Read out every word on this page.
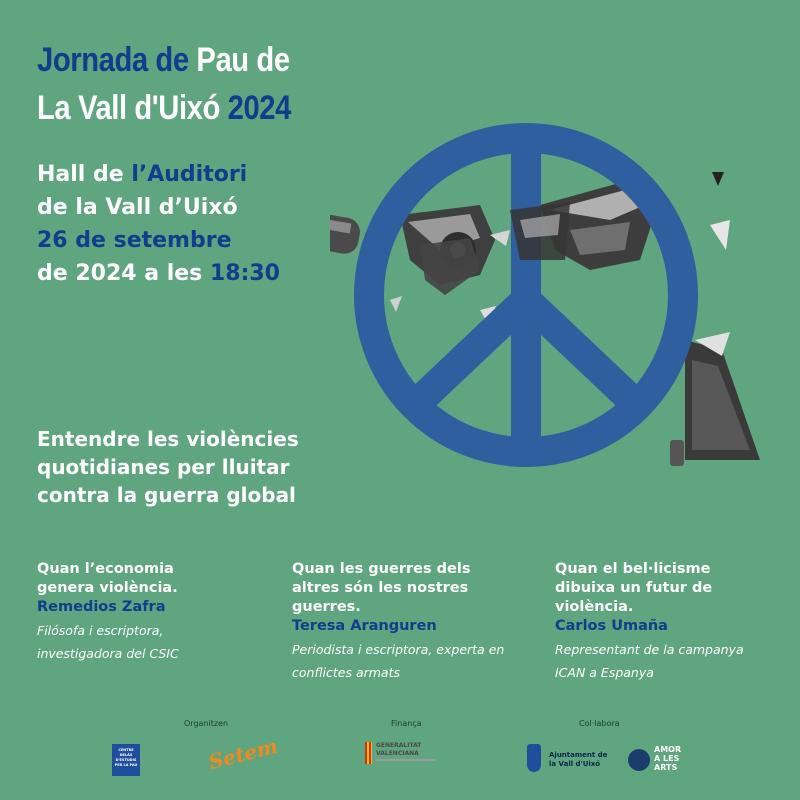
Jornada de Pau de
La Vall d'Uixó 2024
Hall de l’Auditori
de la Vall d’Uixó
26 de setembre
de 2024 a les 18:30
Entendre les violències
quotidianes per lluitar
contra la guerra global
Quan l’economia
genera violència.
Remedios Zafra
Filósofa i escriptora,
investigadora del CSIC
Quan les guerres dels
altres són les nostres
guerres.
Teresa Aranguren
Periodista i escriptora, experta en
conflictes armats
Quan el bel·licisme
dibuixa un futur de
violència.
Carlos Umaña
Representant de la campanya
ICAN a Espanya
Organitzen	Finança	Col·labora
CENTRE DELÀS
D'ESTUDIS
PER LA PAU	Setem	GENERALITAT
VALENCIANA	Ajuntament de
la Vall d'Uixó
AMOR
A LES
ARTS
